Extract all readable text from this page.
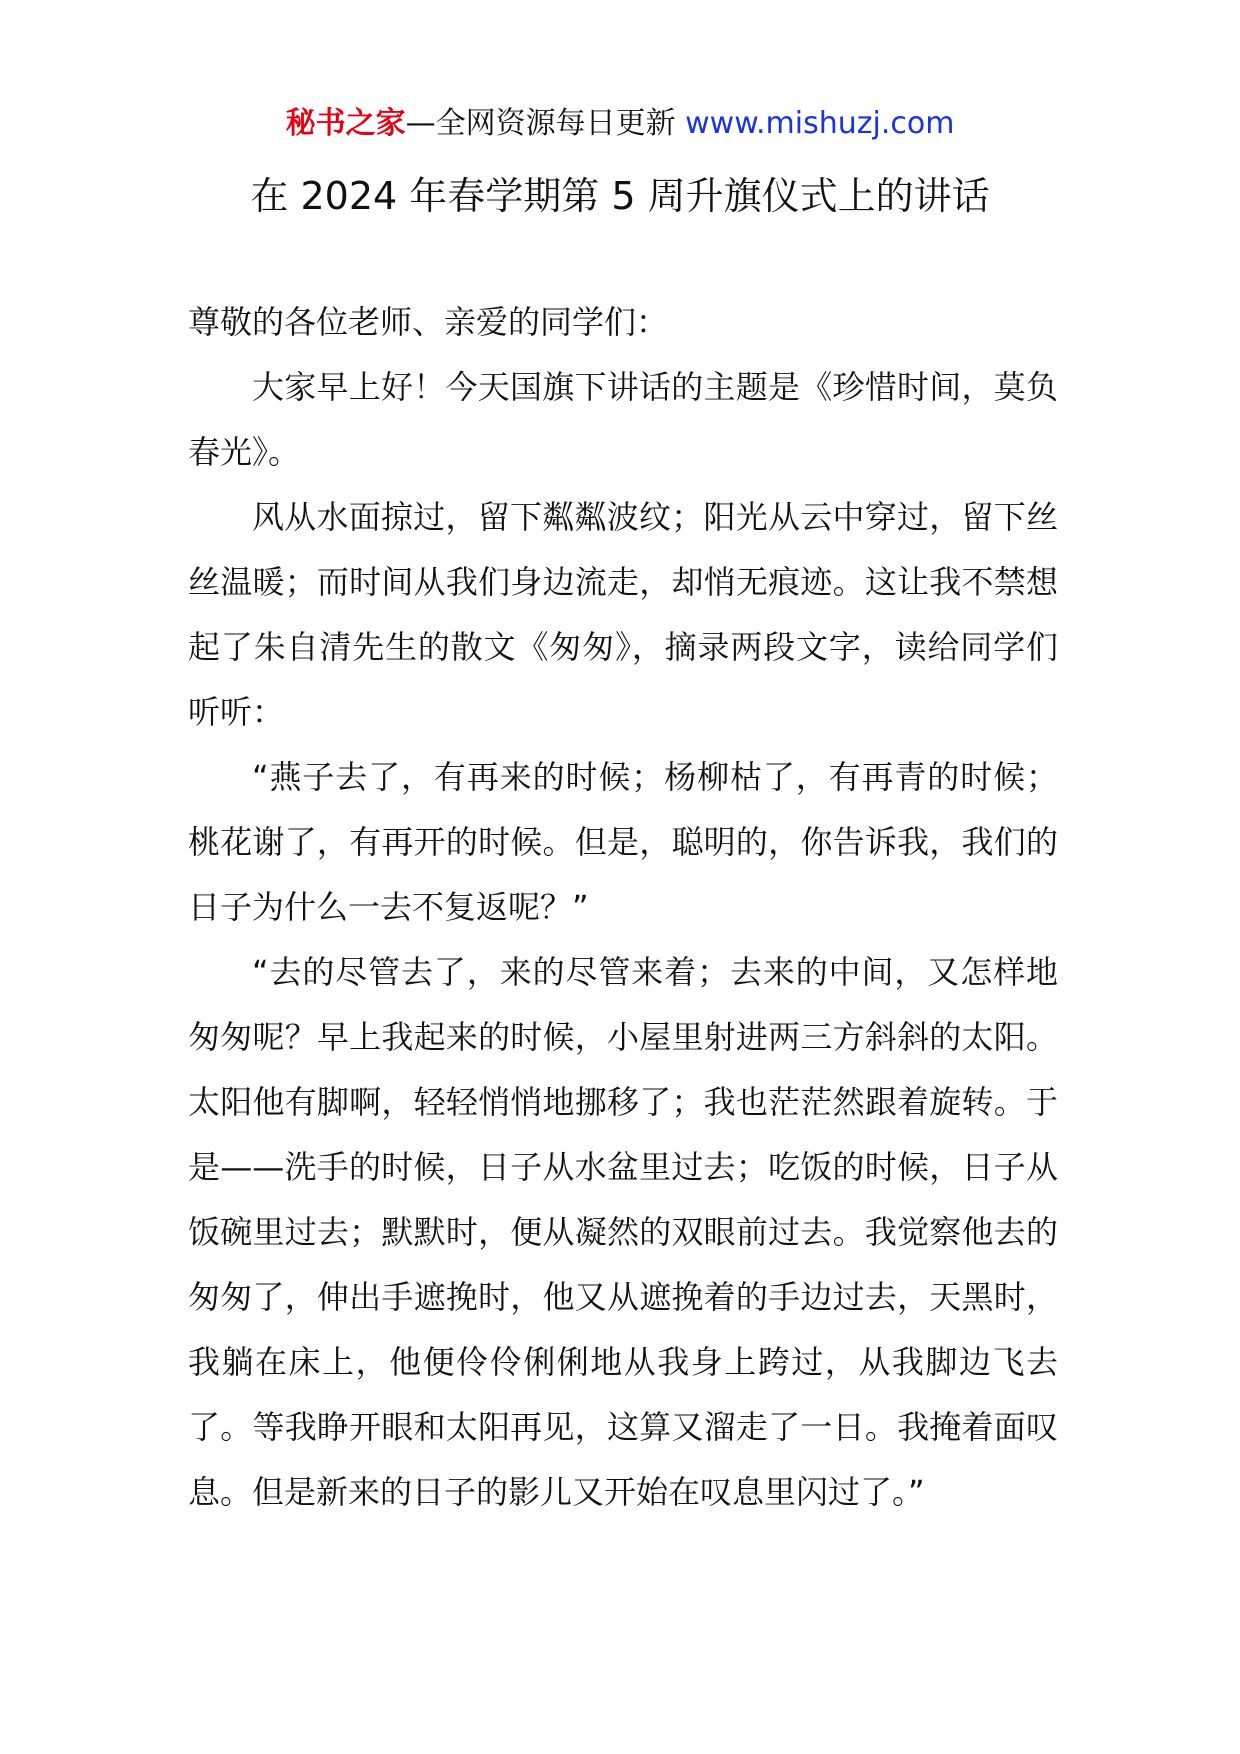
秘书之家—全网资源每日更新 www.mishuzj.com
在 2024 年春学期第 5 周升旗仪式上的讲话

尊敬的各位老师、亲爱的同学们：

大家早上好！今天国旗下讲话的主题是《珍惜时间，莫负春光》。

风从水面掠过，留下粼粼波纹；阳光从云中穿过，留下丝丝温暖；而时间从我们身边流走，却悄无痕迹。这让我不禁想起了朱自清先生的散文《匆匆》，摘录两段文字，读给同学们听听：

“燕子去了，有再来的时候；杨柳枯了，有再青的时候；桃花谢了，有再开的时候。但是，聪明的，你告诉我，我们的日子为什么一去不复返呢？”

“去的尽管去了，来的尽管来着；去来的中间，又怎样地匆匆呢？早上我起来的时候，小屋里射进两三方斜斜的太阳。太阳他有脚啊，轻轻悄悄地挪移了；我也茫茫然跟着旋转。于是——洗手的时候，日子从水盆里过去；吃饭的时候，日子从饭碗里过去；默默时，便从凝然的双眼前过去。我觉察他去的匆匆了，伸出手遮挽时，他又从遮挽着的手边过去，天黑时，我躺在床上，他便伶伶俐俐地从我身上跨过，从我脚边飞去了。等我睁开眼和太阳再见，这算又溜走了一日。我掩着面叹息。但是新来的日子的影儿又开始在叹息里闪过了。”
